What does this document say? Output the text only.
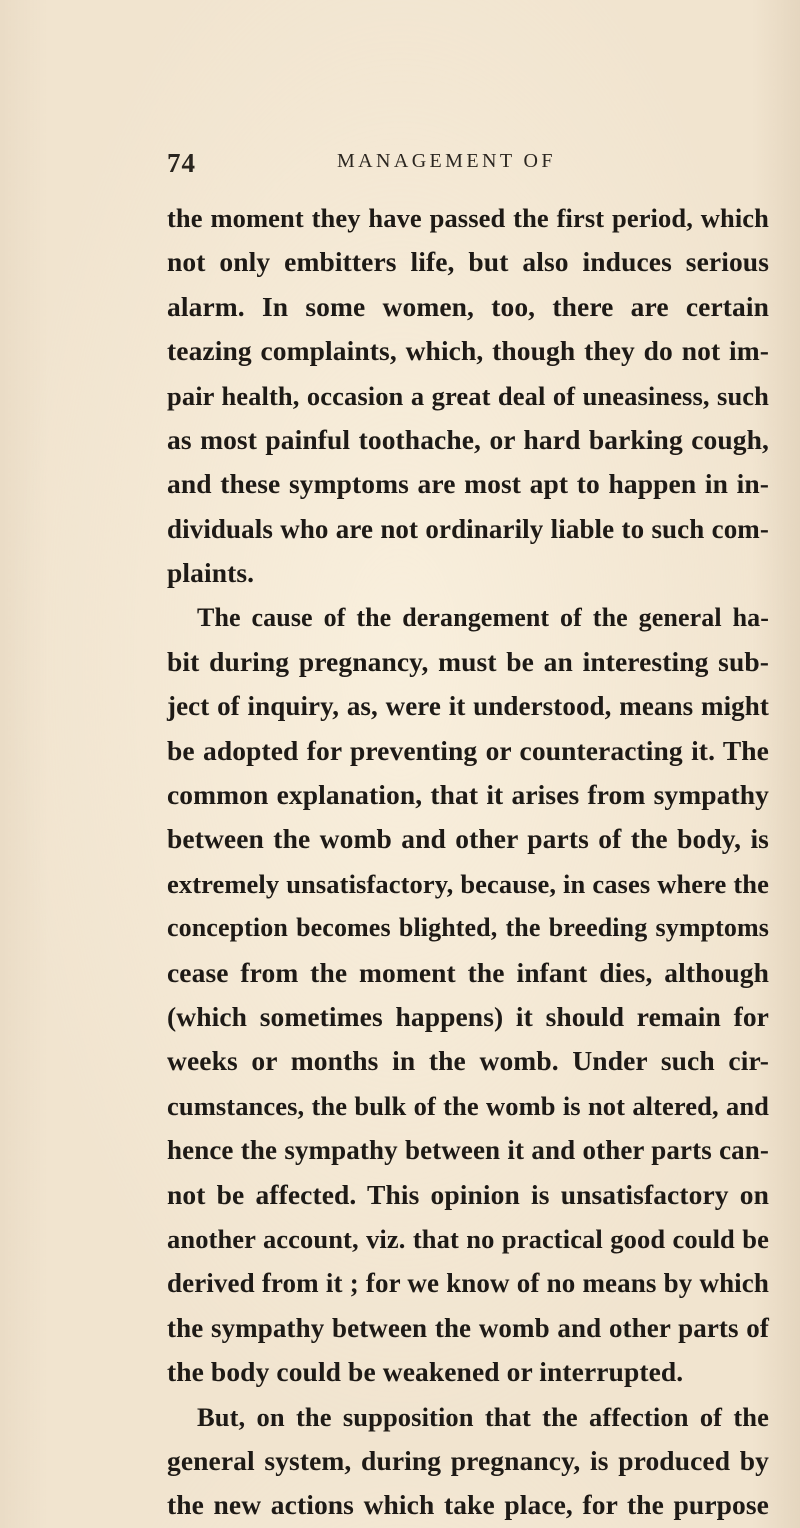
74	MANAGEMENT OF
the moment they have passed the first period, which
not only embitters life, but also induces serious
alarm. In some women, too, there are certain
teazing complaints, which, though they do not im-
pair health, occasion a great deal of uneasiness, such
as most painful toothache, or hard barking cough,
and these symptoms are most apt to happen in in-
dividuals who are not ordinarily liable to such com-
plaints.
The cause of the derangement of the general ha-
bit during pregnancy, must be an interesting sub-
ject of inquiry, as, were it understood, means might
be adopted for preventing or counteracting it. The
common explanation, that it arises from sympathy
between the womb and other parts of the body, is
extremely unsatisfactory, because, in cases where the
conception becomes blighted, the breeding symptoms
cease from the moment the infant dies, although
(which sometimes happens) it should remain for
weeks or months in the womb. Under such cir-
cumstances, the bulk of the womb is not altered, and
hence the sympathy between it and other parts can-
not be affected. This opinion is unsatisfactory on
another account, viz. that no practical good could be
derived from it ; for we know of no means by which
the sympathy between the womb and other parts of
the body could be weakened or interrupted.
But, on the supposition that the affection of the
general system, during pregnancy, is produced by
the new actions which take place, for the purpose
